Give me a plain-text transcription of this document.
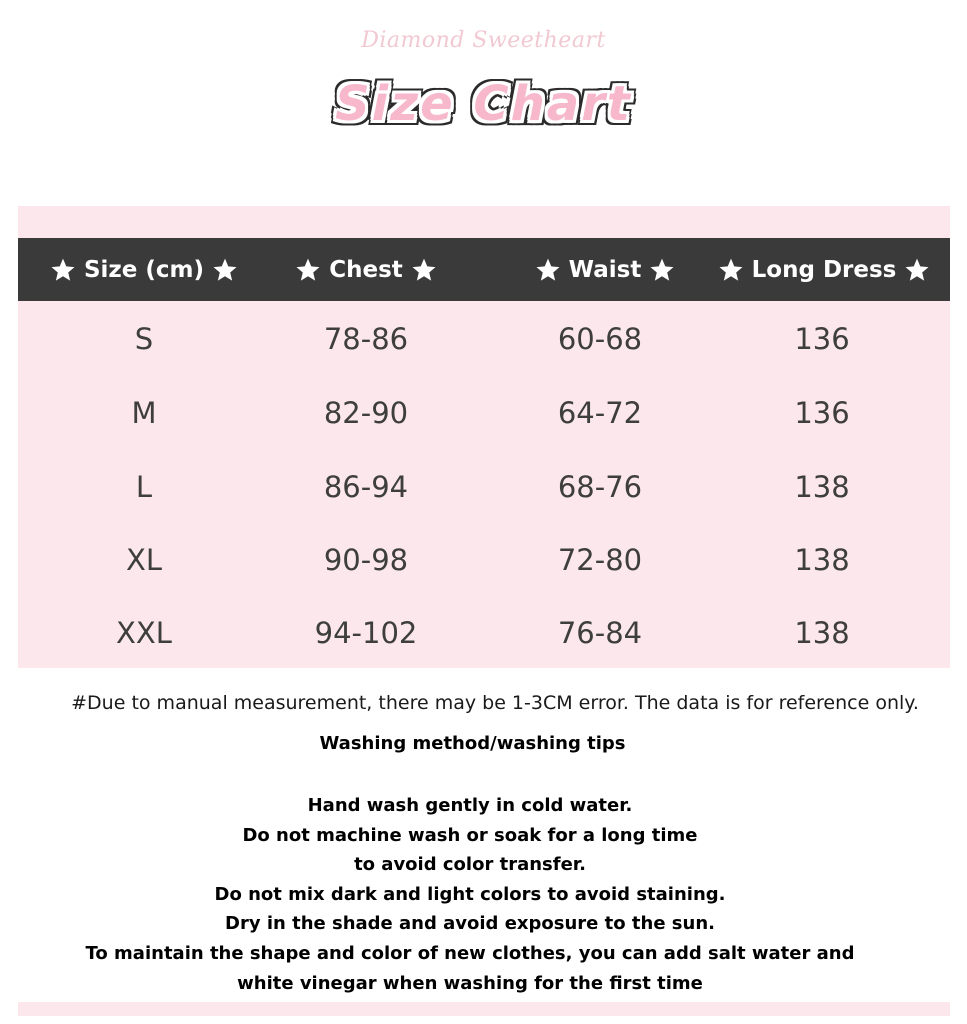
Diamond Sweetheart
Size Chart
Size (cm)	Chest	Waist	Long Dress
S	78-86	60-68	136
M	82-90	64-72	136
L	86-94	68-76	138
XL	90-98	72-80	138
XXL	94-102	76-84	138
#Due to manual measurement, there may be 1-3CM error. The data is for reference only.
Washing method/washing tips
Hand wash gently in cold water.
Do not machine wash or soak for a long time
to avoid color transfer.
Do not mix dark and light colors to avoid staining.
Dry in the shade and avoid exposure to the sun.
To maintain the shape and color of new clothes, you can add salt water and
white vinegar when washing for the first time
